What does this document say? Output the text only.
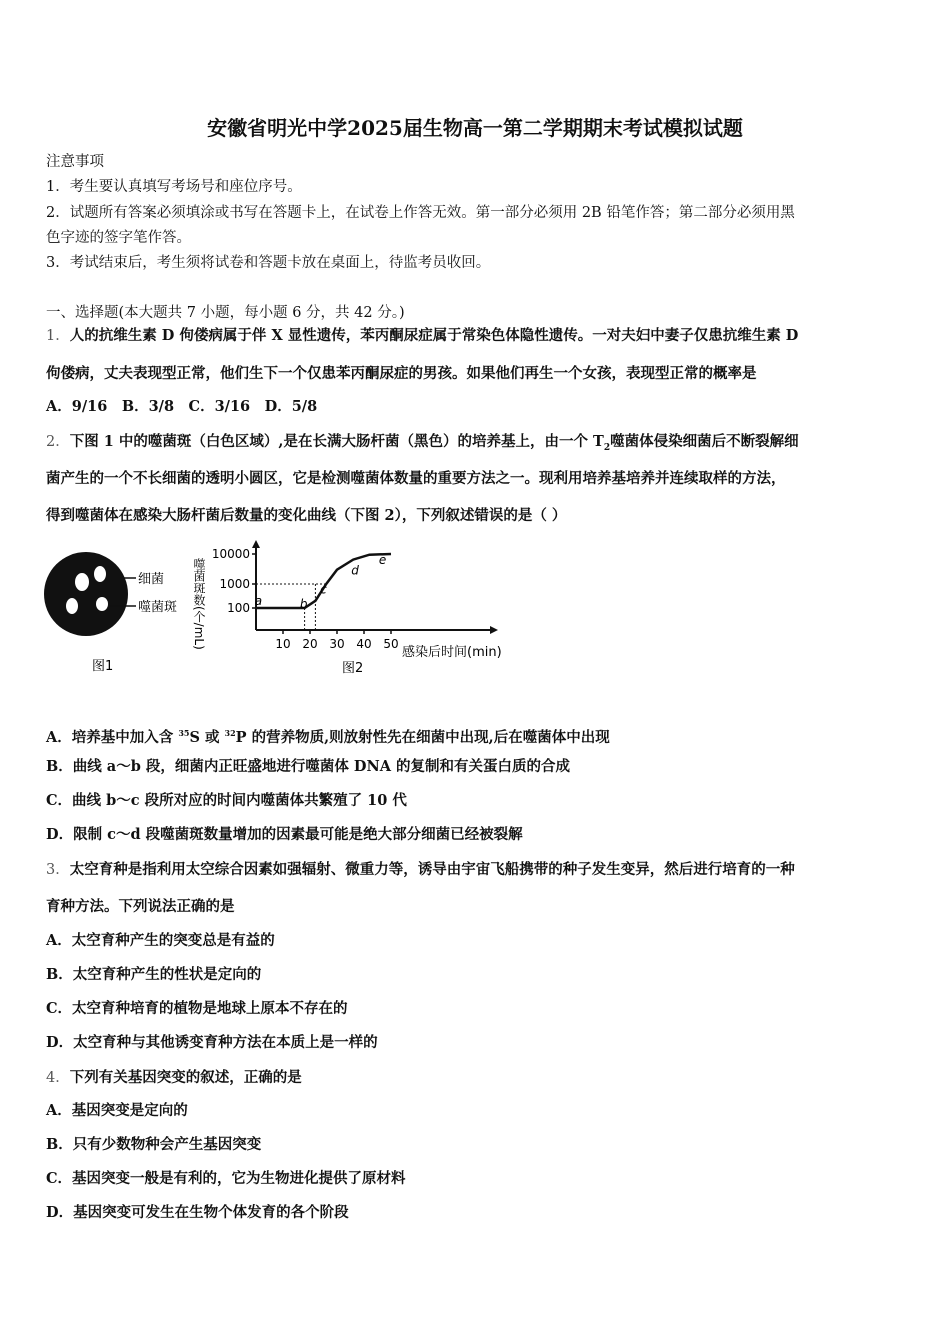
安徽省明光中学2025届生物高一第二学期期末考试模拟试题
注意事项
1．考生要认真填写考场号和座位序号。
2．试题所有答案必须填涂或书写在答题卡上，在试卷上作答无效。第一部分必须用 2B 铅笔作答；第二部分必须用黑
色字迹的签字笔作答。
3．考试结束后，考生须将试卷和答题卡放在桌面上，待监考员收回。
一、选择题(本大题共 7 小题，每小题 6 分，共 42 分。)
1．人的抗维生素 D 佝偻病属于伴 X 显性遗传，苯丙酮尿症属于常染色体隐性遗传。一对夫妇中妻子仅患抗维生素 D
佝偻病，丈夫表现型正常，他们生下一个仅患苯丙酮尿症的男孩。如果他们再生一个女孩，表现型正常的概率是
A．9/16　B．3/8　C．3/16　D．5/8
2．下图 1 中的噬菌斑（白色区域）,是在长满大肠杆菌（黑色）的培养基上，由一个 $T_2$噬菌体侵染细菌后不断裂解细
菌产生的一个不长细菌的透明小圆区，它是检测噬菌体数量的重要方法之一。现利用培养基培养并连续取样的方法，
得到噬菌体在感染大肠杆菌后数量的变化曲线（下图 2），下列叙述错误的是（ ）
细菌
噬菌斑
图1
噬菌斑数(个/mL) 100
1000
10000
10 20 30 40 50
a	b
c
d
e
感染后时间(min)
图2
A．培养基中加入含 $^{35}$S 或 $^{32}$P 的营养物质,则放射性先在细菌中出现,后在噬菌体中出现
B．曲线 a～b 段，细菌内正旺盛地进行噬菌体 DNA 的复制和有关蛋白质的合成
C．曲线 b～c 段所对应的时间内噬菌体共繁殖了 10 代
D．限制 c～d 段噬菌斑数量增加的因素最可能是绝大部分细菌已经被裂解
3．太空育种是指利用太空综合因素如强辐射、微重力等，诱导由宇宙飞船携带的种子发生变异，然后进行培育的一种
育种方法。下列说法正确的是
A．太空育种产生的突变总是有益的
B．太空育种产生的性状是定向的
C．太空育种培育的植物是地球上原本不存在的
D．太空育种与其他诱变育种方法在本质上是一样的
4．下列有关基因突变的叙述，正确的是
A．基因突变是定向的
B．只有少数物种会产生基因突变
C．基因突变一般是有利的，它为生物进化提供了原材料
D．基因突变可发生在生物个体发育的各个阶段
